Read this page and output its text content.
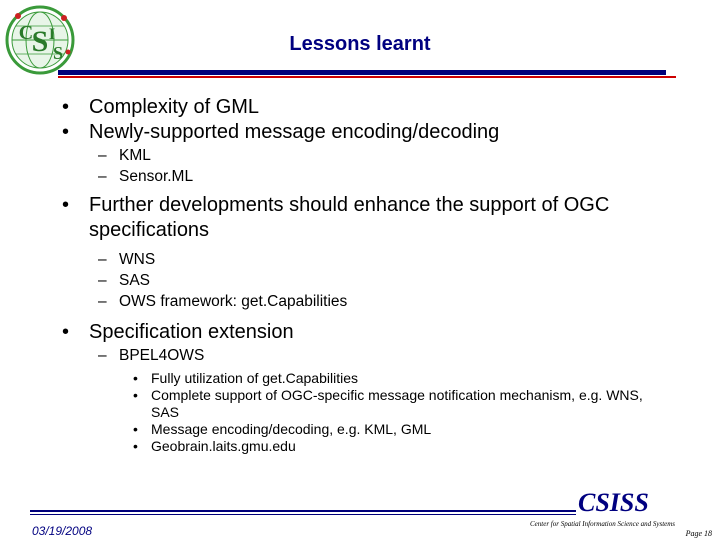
S
C I
S	Lessons learnt
• Complexity of GML
• Newly-supported message encoding/decoding
– KML
– Sensor.ML
• Further developments should enhance the support of OGC specifications
– WNS
– SAS
– OWS framework: get.Capabilities
• Specification extension
– BPEL4OWS
• Fully utilization of get.Capabilities
• Complete support of OGC-specific message notification mechanism, e.g. WNS, SAS
• Message encoding/decoding, e.g. KML, GML
• Geobrain.laits.gmu.edu
CSISS
Center for Spatial Information Science and Systems
Page 18
03/19/2008
